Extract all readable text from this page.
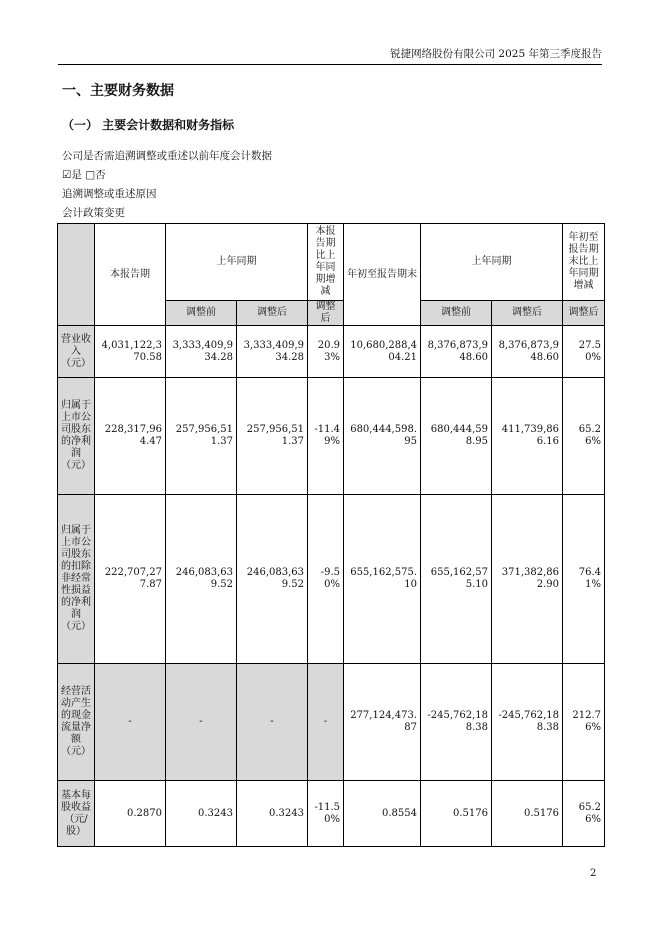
锐捷网络股份有限公司 2025 年第三季度报告
一、主要财务数据
（一） 主要会计数据和财务指标
公司是否需追溯调整或重述以前年度会计数据
☑是 □否
追溯调整或重述原因
会计政策变更
	本报告期	上年同期		本报告期比上年同期增减	年初至报告期末	上年同期		年初至报告期末比上年同期增减
		调整前	调整后	调整后		调整前	调整后	调整后
营业收入（元）	4,031,122,370.58	3,333,409,934.28	3,333,409,934.28	20.93%	10,680,288,404.21	8,376,873,948.60	8,376,873,948.60	27.50%
归属于上市公司股东的净利润（元）	228,317,964.47	257,956,511.37	257,956,511.37	-11.49%	680,444,598.95	680,444,598.95	411,739,866.16	65.26%
归属于上市公司股东的扣除非经常性损益的净利润（元）	222,707,277.87	246,083,639.52	246,083,639.52	-9.50%	655,162,575.10	655,162,575.10	371,382,862.90	76.41%
经营活动产生的现金流量净额（元）	-	-	-	-	277,124,473.87	-245,762,188.38	-245,762,188.38	212.76%
基本每股收益（元/股）	0.2870	0.3243	0.3243	-11.50%	0.8554	0.5176	0.5176	65.26%
2
